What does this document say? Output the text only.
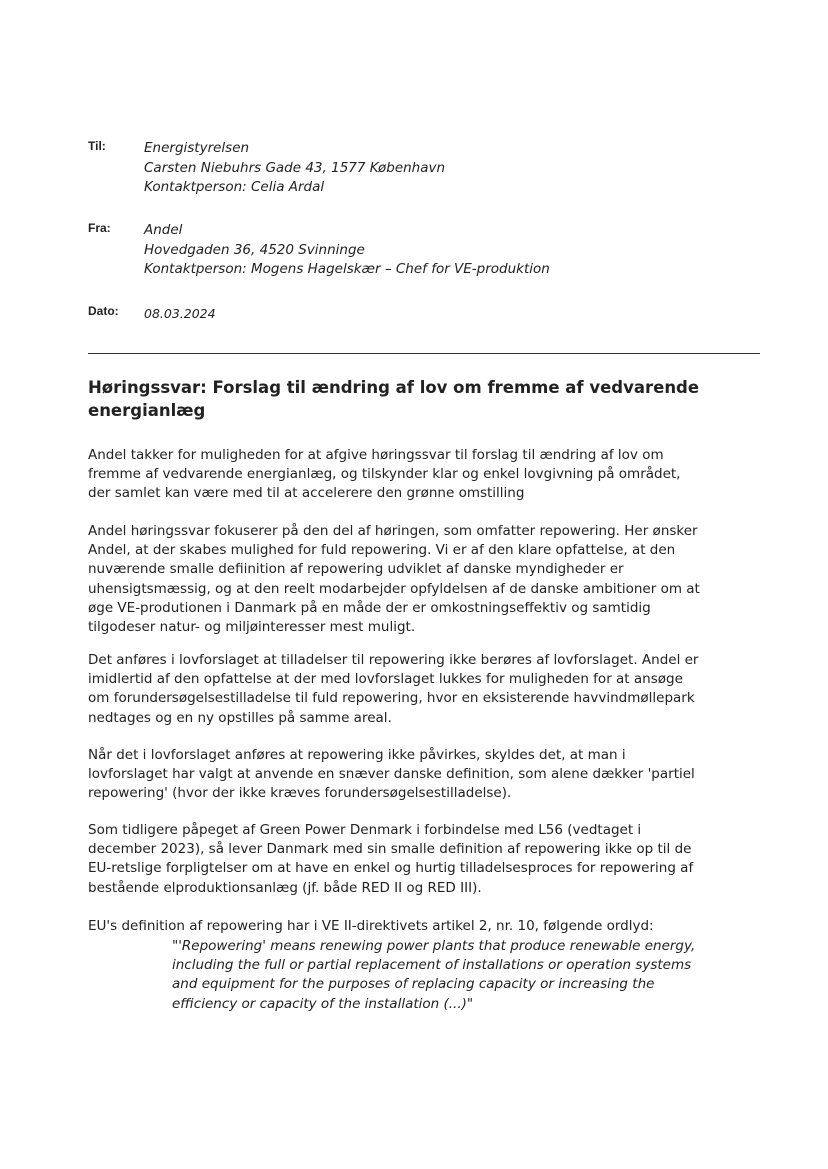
Til:	Energistyrelsen
Carsten Niebuhrs Gade 43, 1577 København
Kontaktperson: Celia Ardal
Fra: Andel
Hovedgaden 36, 4520 Svinninge
Kontaktperson: Mogens Hagelskær – Chef for VE-produktion
Dato: 08.03.2024
Høringssvar: Forslag til ændring af lov om fremme af vedvarende energianlæg
Andel takker for muligheden for at afgive høringssvar til forslag til ændring af lov om
fremme af vedvarende energianlæg, og tilskynder klar og enkel lovgivning på området,
der samlet kan være med til at accelerere den grønne omstilling
Andel høringssvar fokuserer på den del af høringen, som omfatter repowering. Her ønsker
Andel, at der skabes mulighed for fuld repowering. Vi er af den klare opfattelse, at den
nuværende smalle defiinition af repowering udviklet af danske myndigheder er
uhensigtsmæssig, og at den reelt modarbejder opfyldelsen af de danske ambitioner om at
øge VE-produtionen i Danmark på en måde der er omkostningseffektiv og samtidig
tilgodeser natur- og miljøinteresser mest muligt.
Det anføres i lovforslaget at tilladelser til repowering ikke berøres af lovforslaget. Andel er
imidlertid af den opfattelse at der med lovforslaget lukkes for muligheden for at ansøge
om forundersøgelsestilladelse til fuld repowering, hvor en eksisterende havvindmøllepark
nedtages og en ny opstilles på samme areal.
Når det i lovforslaget anføres at repowering ikke påvirkes, skyldes det, at man i
lovforslaget har valgt at anvende en snæver danske definition, som alene dækker 'partiel
repowering' (hvor der ikke kræves forundersøgelsestilladelse).
Som tidligere påpeget af Green Power Denmark i forbindelse med L56 (vedtaget i
december 2023), så lever Danmark med sin smalle definition af repowering ikke op til de
EU-retslige forpligtelser om at have en enkel og hurtig tilladelsesproces for repowering af
bestående elproduktionsanlæg (jf. både RED II og RED III).
EU's definition af repowering har i VE II-direktivets artikel 2, nr. 10, følgende ordlyd:
"'Repowering' means renewing power plants that produce renewable energy,
including the full or partial replacement of installations or operation systems
and equipment for the purposes of replacing capacity or increasing the
efficiency or capacity of the installation (...)"
